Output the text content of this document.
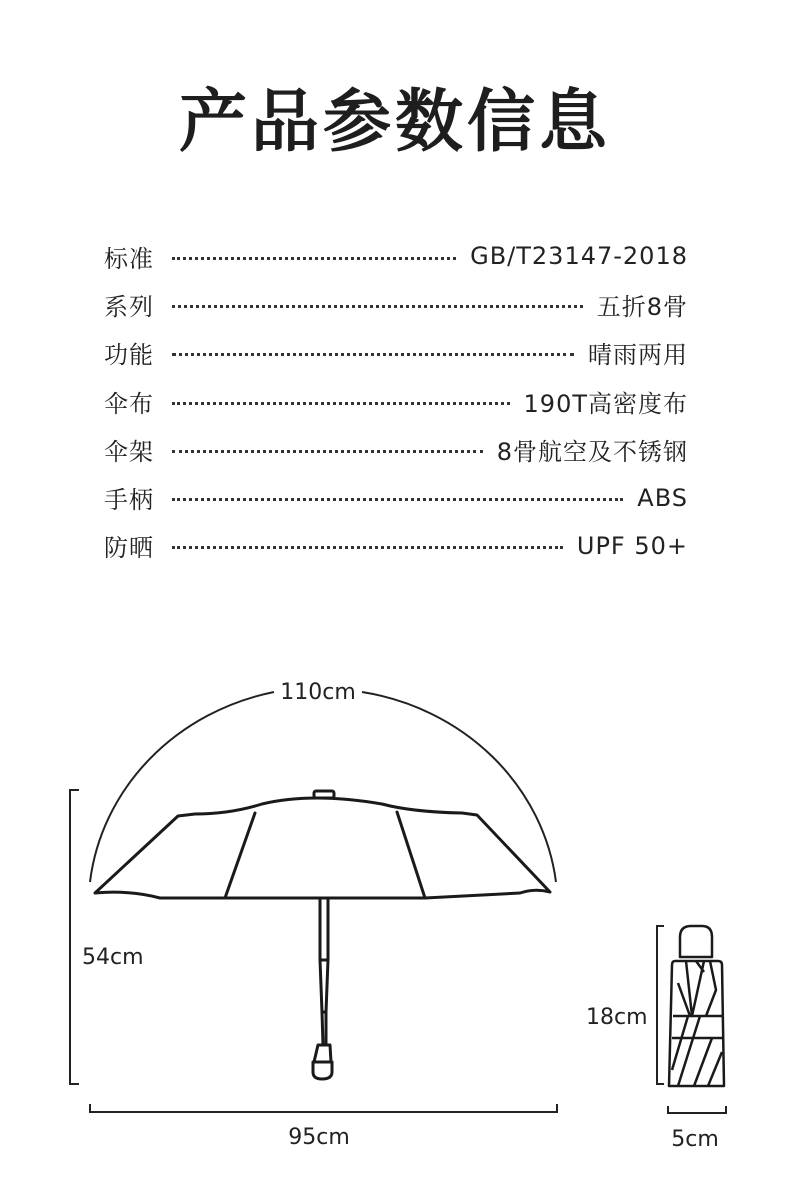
产品参数信息
标准	GB/T23147-2018
系列	五折8骨
功能	晴雨两用
伞布	190T高密度布
伞架	8骨航空及不锈钢
手柄	ABS
防晒	UPF 50+
110cm
54cm
95cm
18cm
5cm
